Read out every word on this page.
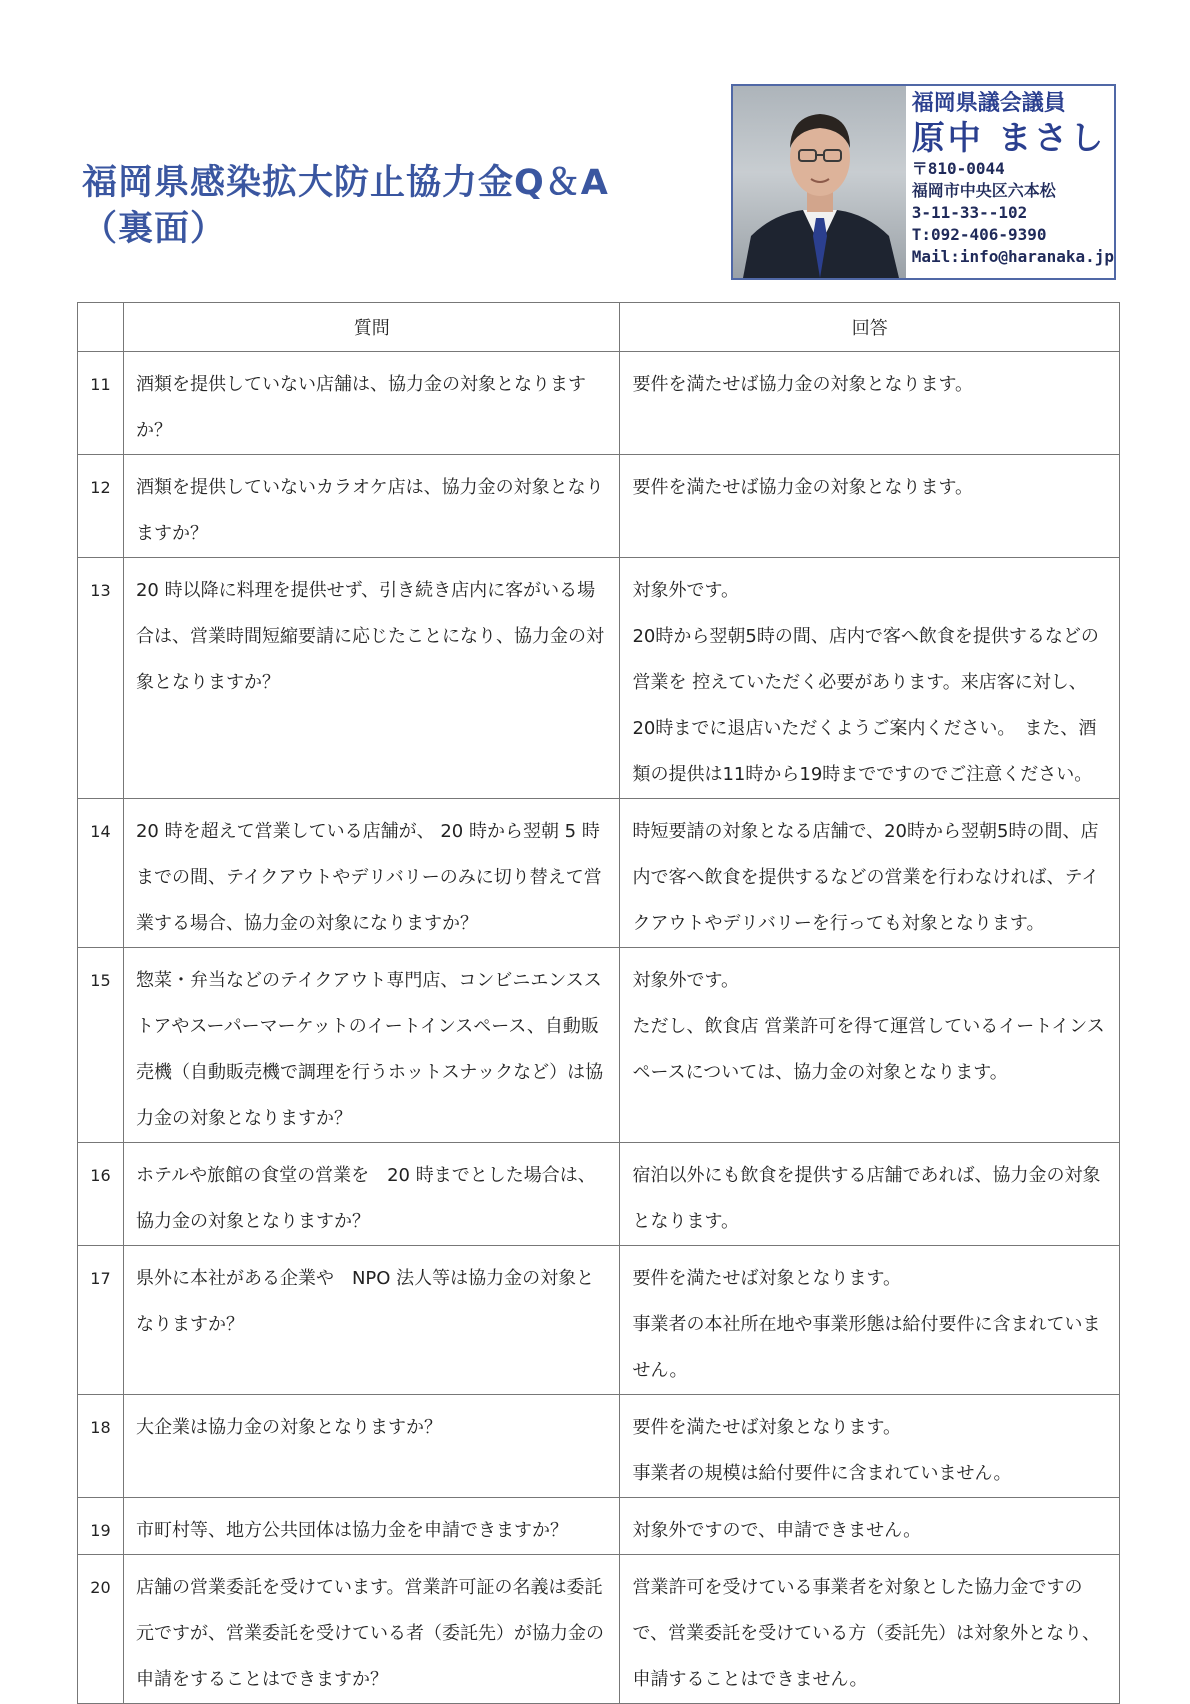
福岡県感染拡大防止協力金Q＆A
（裏面）
福岡県議会議員
原中 まさし
〒810-0044
福岡市中央区六本松
3-11-33--102
T:092-406-9390
Mail:info@haranaka.jp
	質問	回答
11	酒類を提供していない店舗は、協力金の対象となりますか？	要件を満たせば協力金の対象となります。

12	酒類を提供していないカラオケ店は、協力金の対象となりますか？	要件を満たせば協力金の対象となります。

13	20 時以降に料理を提供せず、引き続き店内に客がいる場合は、営業時間短縮要請に応じたことになり、協力金の対象となりますか？	対象外です。
20時から翌朝5時の間、店内で客へ飲食を提供するなどの営業を 控えていただく必要があります。来店客に対し、20時までに退店いただくようご案内ください。　また、酒類の提供は11時から19時までですのでご注意ください。

14	20 時を超えて営業している店舗が、 20 時から翌朝 5 時までの間、テイクアウトやデリバリーのみに切り替えて営業する場合、協力金の対象になりますか？	時短要請の対象となる店舗で、20時から翌朝5時の間、店内で客へ飲食を提供するなどの営業を行わなければ、テイクアウトやデリバリーを行っても対象となります。

15	惣菜・弁当などのテイクアウト専門店、コンビニエンスストアやスーパーマーケットのイートインスペース、自動販売機（自動販売機で調理を行うホットスナックなど）は協力金の対象となりますか？	対象外です。
ただし、飲食店 営業許可を得て運営しているイートインスペースについては、協力金の対象となります。

16	ホテルや旅館の食堂の営業を　20 時までとした場合は、協力金の対象となりますか？	宿泊以外にも飲食を提供する店舗であれば、協力金の対象となります。

17	県外に本社がある企業や　NPO 法人等は協力金の対象となりますか？	要件を満たせば対象となります。
事業者の本社所在地や事業形態は給付要件に含まれていません。

18	大企業は協力金の対象となりますか？	要件を満たせば対象となります。
事業者の規模は給付要件に含まれていません。

19	市町村等、地方公共団体は協力金を申請できますか？	対象外ですので、申請できません。

20	店舗の営業委託を受けています。営業許可証の名義は委託元ですが、営業委託を受けている者（委託先）が協力金の申請をすることはできますか？	営業許可を受けている事業者を対象とした協力金ですので、営業委託を受けている方（委託先）は対象外となり、申請することはできません。
